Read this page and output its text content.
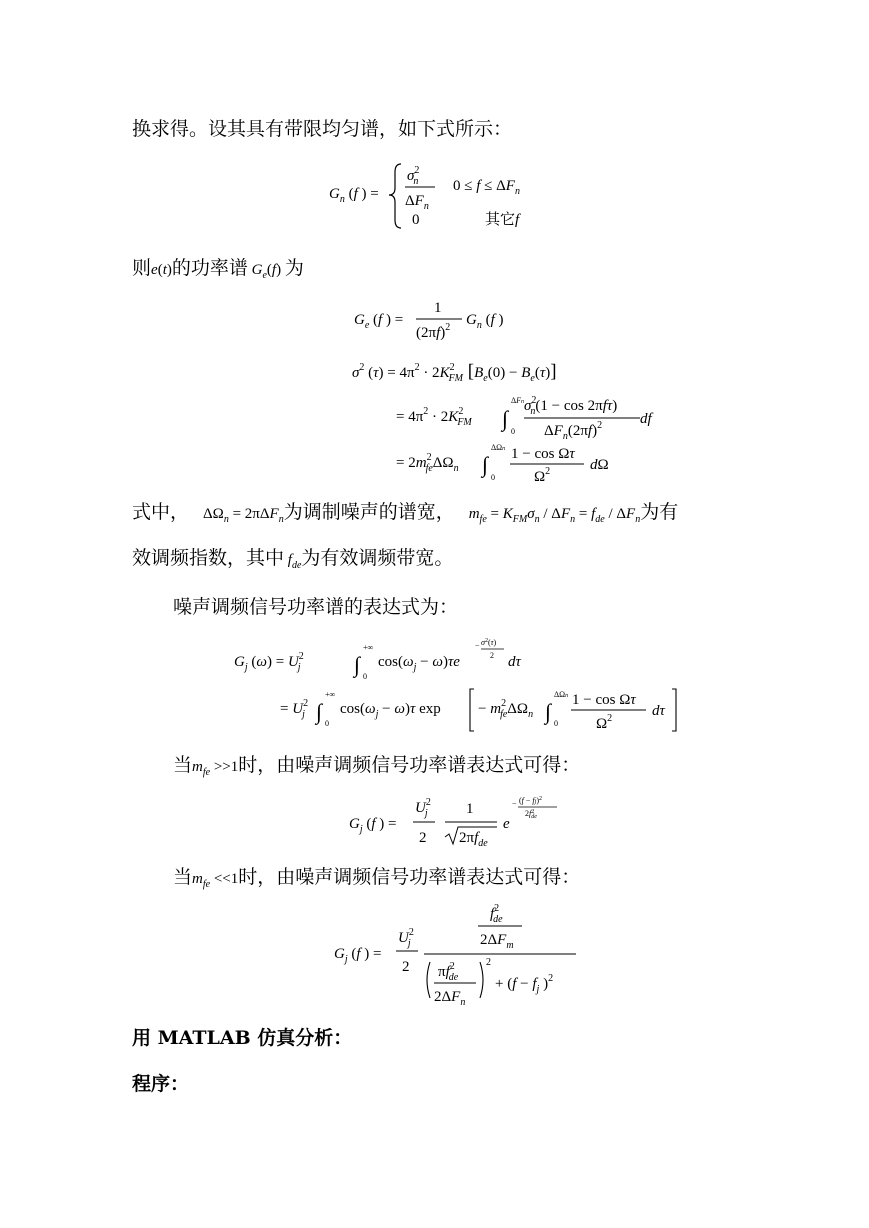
换求得。设其具有带限均匀谱，如下式所示：
$G_n$ (f ) =
$\sigma^2$ n
$\Delta F_n$
$0 \le f \le \Delta F_n$
0	其它f
则e(t)的功率谱 $G_e(f)$ 为
$G_e$ (f ) =
1
$(2\pi f)^2$ $G_n$ (f )
$\sigma^2$ $(\tau) = 4\pi^2 \cdot 2K^2$ FM $[B_e(0) - B_e(\tau)]$
= $4\pi^2 \cdot 2K^2$ FM ∫
ΔFn
0
$\sigma^2$ n(1 − cos 2πfτ)
$\Delta F_n(2\pi f)^2$	df
= $2m^2$ feΔΩ$_n$ ∫
ΔΩn
0
1 − cos Ωτ
$\Omega^2$	dΩ
式中， $\Delta\Omega_n = 2\pi\Delta F_n$为调制噪声的谱宽， $m_{fe} = K_{FM}\sigma_n / \Delta F_n = f_{de} / \Delta F_n$为有
效调频指数，其中 $f_{de}$为有效调频带宽。
噪声调频信号功率谱的表达式为：
$G_j$ $(\omega) = U^2$ j ∫
+∞
0
$\cos(\omega_j - \omega)\tau e$
− $\sigma^2(\tau)$
2 dτ
= $U^2$ j ∫
+∞
0
$\cos(\omega_j - \omega)\tau$ $\exp - m^2$ feΔΩ$_n$ ∫
ΔΩn
0
1 − cos Ωτ
$\Omega^2$	dτ
当$m_{fe} >>1$时，由噪声调频信号功率谱表达式可得：
$G_j$ (f ) =
$U^2$ j
2
1
$2\pi f_{de}$
e
− (f − fj)$^2$
$2f^2$ de
当$m_{fe} <<1$时，由噪声调频信号功率谱表达式可得：
$G_j$ (f ) =
$U^2$ j
2
$f^2$ de
$2\Delta F_m$
$\pi f^2$ de
$2\Delta F_n$
2
+ ($f - f_j$ )$^2$
用 MATLAB 仿真分析：
程序：
